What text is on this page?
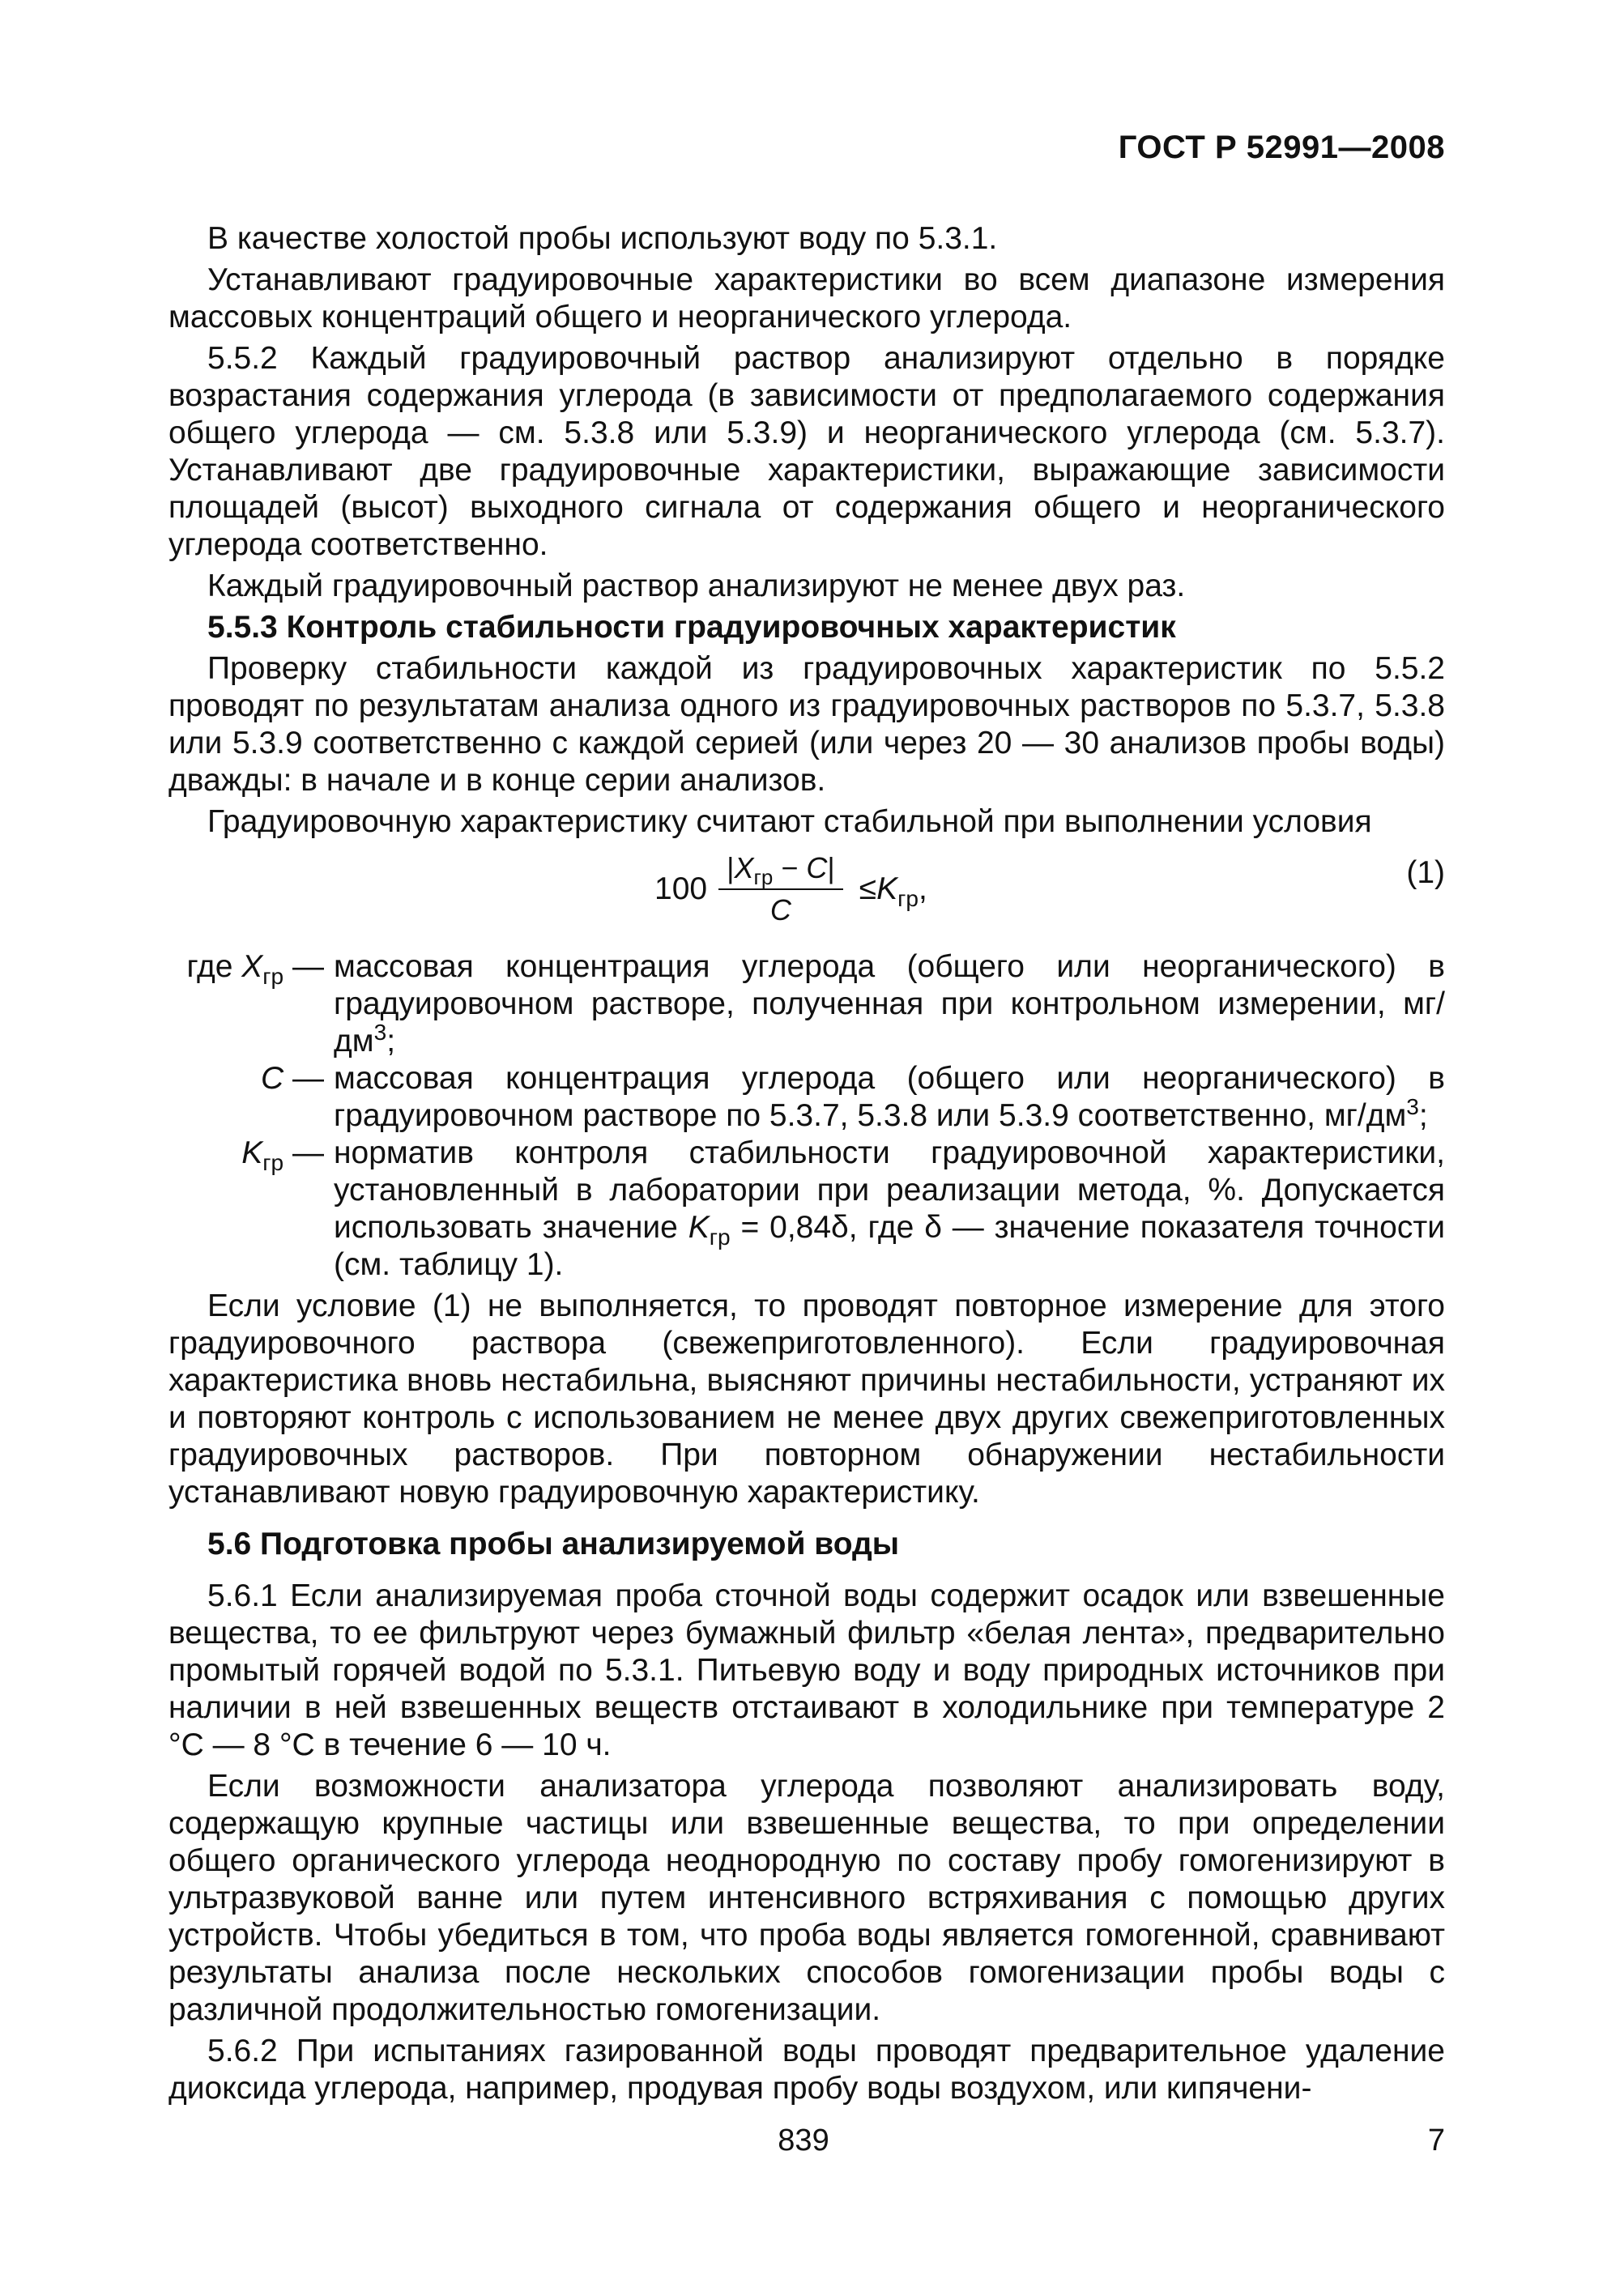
ГОСТ Р 52991—2008

В качестве холостой пробы используют воду по 5.3.1.

Устанавливают градуировочные характеристики во всем диапазоне измерения массовых концентраций общего и неорганического углерода.

5.5.2 Каждый градуировочный раствор анализируют отдельно в порядке возрастания содержания углерода (в зависимости от предполагаемого содержания общего углерода — см. 5.3.8 или 5.3.9) и неорганического углерода (см. 5.3.7). Устанавливают две градуировочные характеристики, выражающие зависимости площадей (высот) выходного сигнала от содержания общего и неорганического углерода соответственно.

Каждый градуировочный раствор анализируют не менее двух раз.

5.5.3 Контроль стабильности градуировочных характеристик

Проверку стабильности каждой из градуировочных характеристик по 5.5.2 проводят по результатам анализа одного из градуировочных растворов по 5.3.7, 5.3.8 или 5.3.9 соответственно с каждой серией (или через 20 — 30 анализов пробы воды) дважды: в начале и в конце серии анализов.

Градуировочную характеристику считают стабильной при выполнении условия

$100 \frac{|X_{гр} - C|}{C} \le K_{гр}$,	(1)
где $X_{гр}$ — массовая концентрация углерода (общего или неорганического) в градуировочном растворе, полученная при контрольном измерении, $мг/дм^3$;
C — массовая концентрация углерода (общего или неорганического) в градуировочном растворе по 5.3.7, 5.3.8 или 5.3.9 соответственно, $мг/дм^3$;
$K_{гр}$ — норматив контроля стабильности градуировочной характеристики, установленный в лаборатории при реализации метода, %. Допускается использовать значение $K_{гр} = 0,84\delta$, где δ — значение показателя точности (см. таблицу 1).

Если условие (1) не выполняется, то проводят повторное измерение для этого градуировочного раствора (свежеприготовленного). Если градуировочная характеристика вновь нестабильна, выясняют причины нестабильности, устраняют их и повторяют контроль с использованием не менее двух других свежеприготовленных градуировочных растворов. При повторном обнаружении нестабильности устанавливают новую градуировочную характеристику.

5.6 Подготовка пробы анализируемой воды

5.6.1 Если анализируемая проба сточной воды содержит осадок или взвешенные вещества, то ее фильтруют через бумажный фильтр «белая лента», предварительно промытый горячей водой по 5.3.1. Питьевую воду и воду природных источников при наличии в ней взвешенных веществ отстаивают в холодильнике при температуре 2 °С — 8 °С в течение 6 — 10 ч.

Если возможности анализатора углерода позволяют анализировать воду, содержащую крупные частицы или взвешенные вещества, то при определении общего органического углерода неоднородную по составу пробу гомогенизируют в ультразвуковой ванне или путем интенсивного встряхивания с помощью других устройств. Чтобы убедиться в том, что проба воды является гомогенной, сравнивают результаты анализа после нескольких способов гомогенизации пробы воды с различной продолжительностью гомогенизации.

5.6.2 При испытаниях газированной воды проводят предварительное удаление диоксида углерода, например, продувая пробу воды воздухом, или кипячени-

839	7
